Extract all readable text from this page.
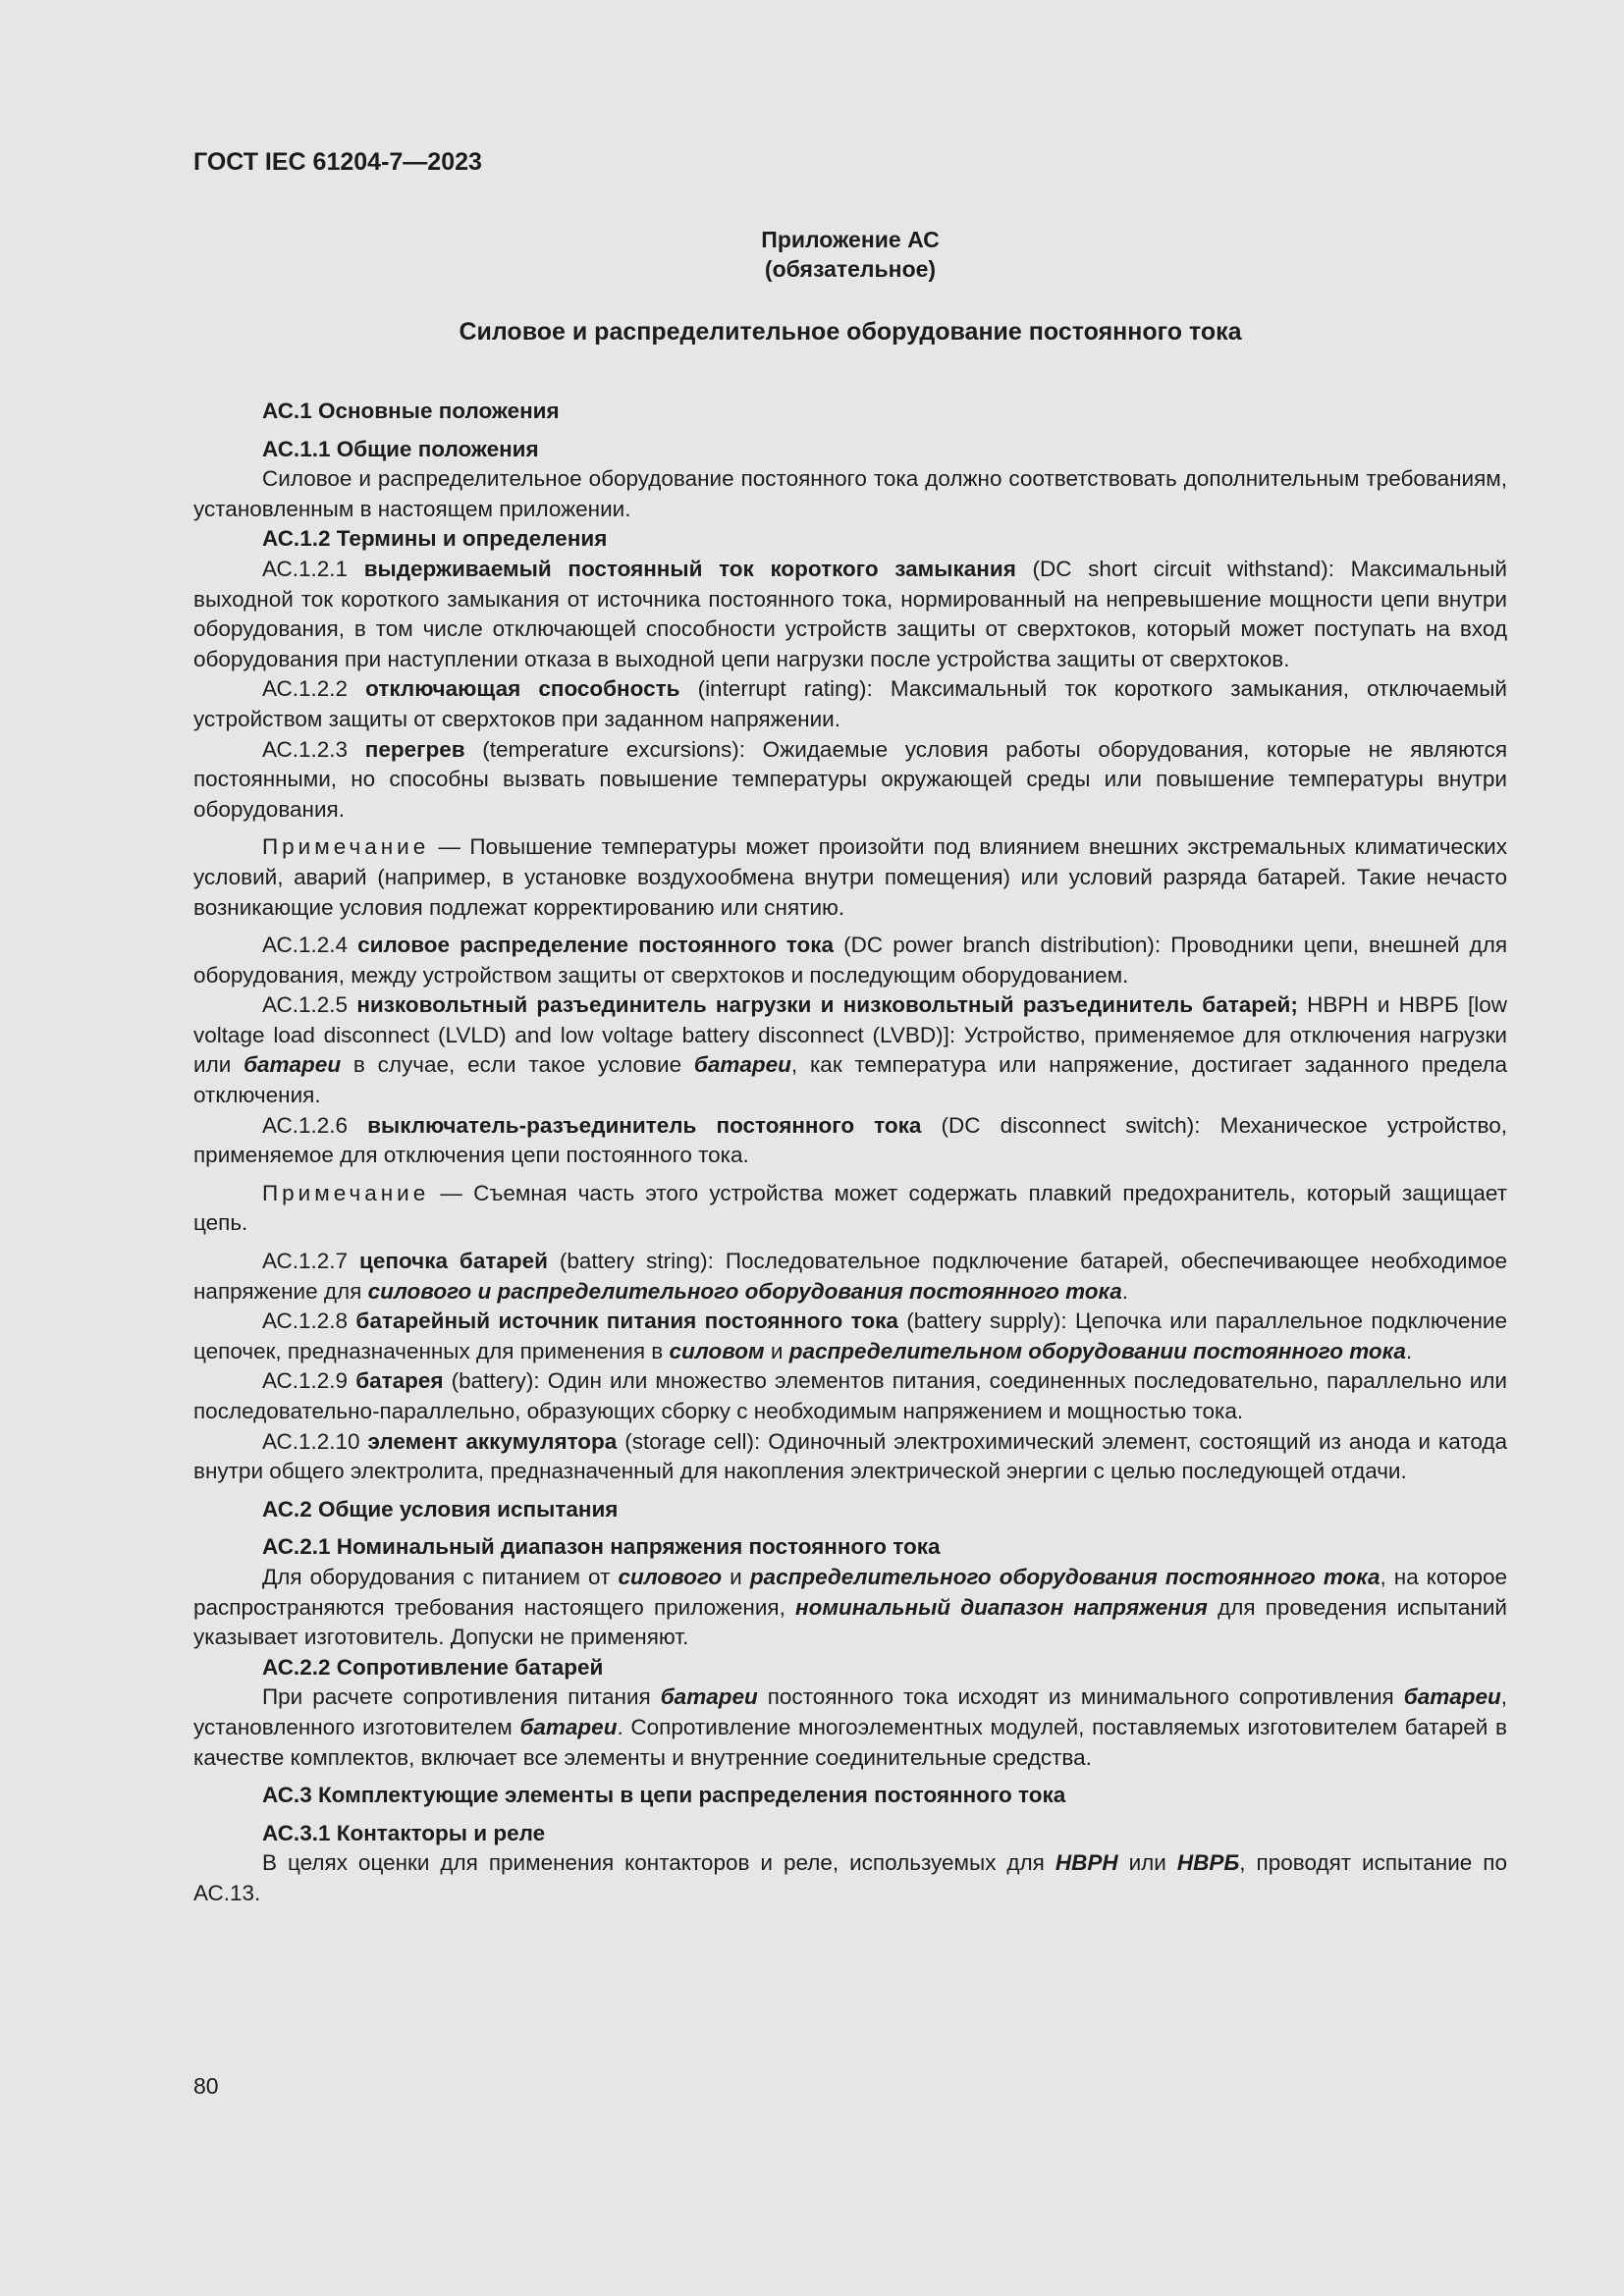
ГОСТ IEC 61204-7—2023
Приложение АС
(обязательное)
Силовое и распределительное оборудование постоянного тока
АС.1 Основные положения
АС.1.1 Общие положения

Силовое и распределительное оборудование постоянного тока должно соответствовать дополнительным требованиям, установленным в настоящем приложении.

АС.1.2 Термины и определения

АС.1.2.1 выдерживаемый постоянный ток короткого замыкания (DC short circuit withstand): Максимальный выходной ток короткого замыкания от источника постоянного тока, нормированный на непревышение мощности цепи внутри оборудования, в том числе отключающей способности устройств защиты от сверхтоков, который может поступать на вход оборудования при наступлении отказа в выходной цепи нагрузки после устройства защиты от сверхтоков.

АС.1.2.2 отключающая способность (interrupt rating): Максимальный ток короткого замыкания, отключаемый устройством защиты от сверхтоков при заданном напряжении.

АС.1.2.3 перегрев (temperature excursions): Ожидаемые условия работы оборудования, которые не являются постоянными, но способны вызвать повышение температуры окружающей среды или повышение температуры внутри оборудования.

Примечание — Повышение температуры может произойти под влиянием внешних экстремальных климатических условий, аварий (например, в установке воздухообмена внутри помещения) или условий разряда батарей. Такие нечасто возникающие условия подлежат корректированию или снятию.

АС.1.2.4 силовое распределение постоянного тока (DC power branch distribution): Проводники цепи, внешней для оборудования, между устройством защиты от сверхтоков и последующим оборудованием.

АС.1.2.5 низковольтный разъединитель нагрузки и низковольтный разъединитель батарей; НВРН и НВРБ [low voltage load disconnect (LVLD) and low voltage battery disconnect (LVBD)]: Устройство, применяемое для отключения нагрузки или батареи в случае, если такое условие батареи, как температура или напряжение, достигает заданного предела отключения.

АС.1.2.6 выключатель-разъединитель постоянного тока (DC disconnect switch): Механическое устройство, применяемое для отключения цепи постоянного тока.

Примечание — Съемная часть этого устройства может содержать плавкий предохранитель, который защищает цепь.

АС.1.2.7 цепочка батарей (battery string): Последовательное подключение батарей, обеспечивающее необходимое напряжение для силового и распределительного оборудования постоянного тока.

АС.1.2.8 батарейный источник питания постоянного тока (battery supply): Цепочка или параллельное подключение цепочек, предназначенных для применения в силовом и распределительном оборудовании постоянного тока.

АС.1.2.9 батарея (battery): Один или множество элементов питания, соединенных последовательно, параллельно или последовательно-параллельно, образующих сборку с необходимым напряжением и мощностью тока.

АС.1.2.10 элемент аккумулятора (storage cell): Одиночный электрохимический элемент, состоящий из анода и катода внутри общего электролита, предназначенный для накопления электрической энергии с целью последующей отдачи.

АС.2 Общие условия испытания
АС.2.1 Номинальный диапазон напряжения постоянного тока

Для оборудования с питанием от силового и распределительного оборудования постоянного тока, на которое распространяются требования настоящего приложения, номинальный диапазон напряжения для проведения испытаний указывает изготовитель. Допуски не применяют.

АС.2.2 Сопротивление батарей

При расчете сопротивления питания батареи постоянного тока исходят из минимального сопротивления батареи, установленного изготовителем батареи. Сопротивление многоэлементных модулей, поставляемых изготовителем батарей в качестве комплектов, включает все элементы и внутренние соединительные средства.

АС.3 Комплектующие элементы в цепи распределения постоянного тока
АС.3.1 Контакторы и реле

В целях оценки для применения контакторов и реле, используемых для НВРН или НВРБ, проводят испытание по АС.13.

80
